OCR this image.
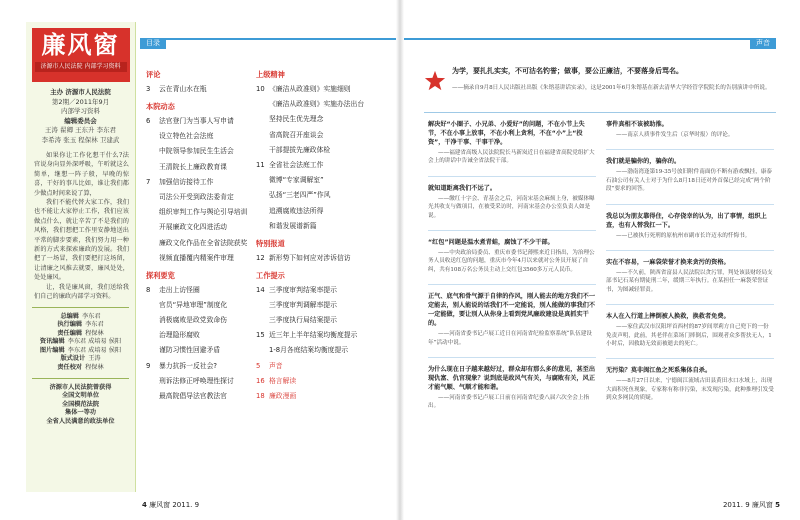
廉风窗
济源市人民法院 内部学习资料
主办 济源市人民法院
第2期／2011年9月
内部学习资料
编辑委员会
王涛 翟卿 王东升 李东君
李希涛 张玉 程保林 卫建武

如果你让工作化想干什么?法官说身向显外深呼吸，午听就这么简单，继想一阵子般，早晚的惊喜，干好的事儿比如，谁让我们都少做点时间来说了算，

我们不能代替大家工作，我们也不能让大家停止工作，我们应该做点什么，就让辛苦了不是我们的风格，我们想把工作里安静地送出平常的脚步要素，我们努力用一种新的方式来探索廉政的发展。我们把了一场冒，我们要把打这场留，让清廉之风推去就要，廉风处处，处处廉风。

让，我是廉风窗，我们送给我们自己的廉政内部学习资料。

总编辑 李东君
执行编辑 李东君
责任编辑 程保林
资讯编辑 李东君 成培易 侯阳
图片编辑 李东君 成培易 侯阳
版式设计 王涛
责任校对 程保林
济源市人民法院曾获得
全国文明单位
全国模范法院
集体一等功
全省人民满意的政法单位
目录	声音
评论
3 云在青山水在瓶
本院动态
6 法官登门为当事人写申请
设立特色社会法庭
中院领导参加民生生活会
王清院长上廉政教育课
7 加强信访接待工作
司法公开受到政法委肯定
组织审判工作与舆论引导培训
开展廉政文化四进活动
廉政文化作品在全省法院获奖
视频直播覆内精案件审理
探利要览
8 走出上访怪圈
官员“异地审理”制度化
消极腐败是政党致命伤
治理隐形腐败
谨防习惯性回避矛盾
9 暴力抗拆一反社会?
刑诉法修正呼唤理性探讨
最高院倡导法官教法官
上级精神
10 《廉洁从政准则》实施细则
《廉洁从政准则》实施办法出台
坚持民生优先理念
省高院召开座谈会
干部提拔先廉政体检
11 全省社会法庭工作
微博“专家调解室”
弘扬“三老四严”作风
追溯腐败违法所得
和谐发展谱新篇
特别报道
12 新形势下如何应对涉诉信访
工作提示
14 三季度审判结案率提示
三季度审判调解率提示
三季度执行局结案提示
15 近三年上半年结案均衡度提示
1-8月各庭结案均衡度提示
5 声音
16 格言解读
18 廉政漫画
4 廉风窗 2011. 9	2011. 9 廉风窗 5
为学，要扎扎实实，不可沽名钓誉；做事，要公正廉洁，不要落身后骂名。
——摘录自9月8日人民出版社出版《朱镕基讲话实录》，这是2001年6月朱镕基在新去清华大学经管学院院长的告别演讲中所说。
解决好“小圈子、小兄弟、小爱好”的问题，不在小节上失节，不在小事上放事，不在小利上贪利，不在“小”上“投资”，干净干事、干事干净。
——福建省高级人民法院院长马新岚近日在福建省高院党组扩大会上的讲话中告诫全省法院干部。
就知道距离我们不远了。
——缴红十字会、青基会之后，河南宋基会麻烦上身，被媒体曝光其收支与做项目，在被受采访时，河南宋基会办公室负责人如是说。
“红包”问题是温水煮青蛙，腐蚀了不少干部。
——中央政治局委员、重庆市委书记薄熙来近日指出，为治理公务人员收送红包的问题，重庆市今年4月以来就对公务员开展了自纠，共有108万名公务员主动上交红包3560多万元人民币。
正气、底气和骨气源于自律的作风，刚人能去的地方我们不一定能去，别人能说的话我们不一定能说，别人能做的事我们不一定能做，要让别人从你身上看到党风廉政建设是真抓实干的。
——河南省委书记卢展工近日在河南省纪检监察系统“队伍建设年”活动中说。
为什么现在日子越来越好过，群众却有那么多的意见，甚至出现仇富、仇官现象？说到底是政风气有关，与腐败有关，风正才能气顺、气顺才能和谐。
——河南省委书记卢展工日前在河南省纪委八届六次全会上指出。
事件真相不该被助推。
——南京人质事件发生后（京华时报）的评论。
我们就是骗你的，骗你的。
——渤南湾逢第19-35号放旧附件南面仿不断有游戏飘挂，康泰石油公司有关人士对于为什么8月18日还对外首保已经完成“两个阶段”要求的回答。
我总以为朋友靠得住，心存侥幸的认为，出了事情，组织上查，也有人替我扛一下。
——已被执行死刑的原杭州市副市长许迈永的忏悔书。
实在不容易，一麻袋荣誉才换来贪污的资格。
——不久前，陕西省富县人民法院以贪污罪，判处该县财经局支部书记石某有期徒刑二年，缓期三年执行。在某担任一麻袋荣誉证书，为图减轻罪责。
本人在入行道上摔倒被人换救，换救者免费。
——家住武汉市汉阳坪首西村的87岁间翠莉方自己兜下的一份免责声明，此前，其老伴在菜场门摔倒后，围观者众多帮扶无人，1小时后，因救助无效而被逝去的死亡。
无污染？莫非闽江鱼之死系集体自杀。
——8月27日以来，宁德闽江流域古田县黄田水口水域上，出现大面积死鱼现象，专家称有称非污染，末发现污染，此种推理引发受到众多网民的质疑。
